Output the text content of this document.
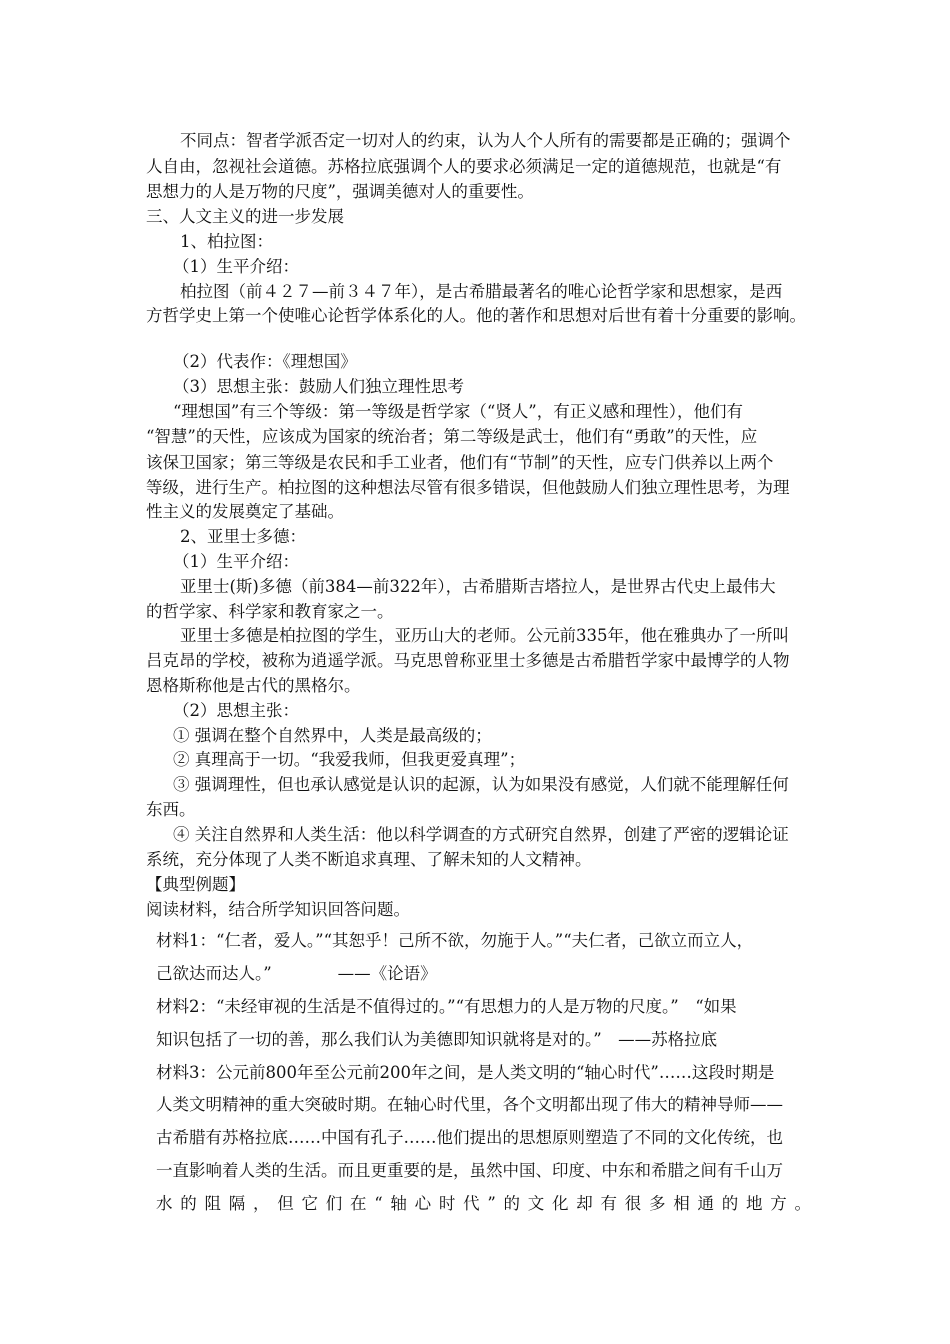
不同点：智者学派否定一切对人的约束，认为人个人所有的需要都是正确的；强调个
人自由，忽视社会道德。苏格拉底强调个人的要求必须满足一定的道德规范，也就是“有
思想力的人是万物的尺度”，强调美德对人的重要性。
三、人文主义的进一步发展
1、柏拉图：
（1）生平介绍：
柏拉图（前４２７—前３４７年），是古希腊最著名的唯心论哲学家和思想家，是西
方哲学史上第一个使唯心论哲学体系化的人。他的著作和思想对后世有着十分重要的影响。
（2）代表作：《理想国》
（3）思想主张：鼓励人们独立理性思考
“理想国”有三个等级：第一等级是哲学家（“贤人”，有正义感和理性），他们有
“智慧”的天性，应该成为国家的统治者；第二等级是武士，他们有“勇敢”的天性，应
该保卫国家；第三等级是农民和手工业者，他们有“节制”的天性，应专门供养以上两个
等级，进行生产。柏拉图的这种想法尽管有很多错误，但他鼓励人们独立理性思考，为理
性主义的发展奠定了基础。
2、亚里士多德：
（1）生平介绍：
亚里士(斯)多德（前384—前322年），古希腊斯吉塔拉人，是世界古代史上最伟大
的哲学家、科学家和教育家之一。
亚里士多德是柏拉图的学生，亚历山大的老师。公元前335年，他在雅典办了一所叫
吕克昂的学校，被称为逍遥学派。马克思曾称亚里士多德是古希腊哲学家中最博学的人物
恩格斯称他是古代的黑格尔。
（2）思想主张：
① 强调在整个自然界中，人类是最高级的；
② 真理高于一切。“我爱我师，但我更爱真理”；
③ 强调理性，但也承认感觉是认识的起源，认为如果没有感觉，人们就不能理解任何
东西。
④ 关注自然界和人类生活：他以科学调查的方式研究自然界，创建了严密的逻辑论证
系统，充分体现了人类不断追求真理、了解未知的人文精神。
【典型例题】
阅读材料，结合所学知识回答问题。
材料1：“仁者，爱人。”“其恕乎！己所不欲，勿施于人。”“夫仁者，己欲立而立人，
己欲达而达人。”　　　　——《论语》
材料2：“未经审视的生活是不值得过的。”“有思想力的人是万物的尺度。”　“如果
知识包括了一切的善，那么我们认为美德即知识就将是对的。”　——苏格拉底
材料3：公元前800年至公元前200年之间，是人类文明的“轴心时代”……这段时期是
人类文明精神的重大突破时期。在轴心时代里，各个文明都出现了伟大的精神导师——
古希腊有苏格拉底……中国有孔子……他们提出的思想原则塑造了不同的文化传统，也
一直影响着人类的生活。而且更重要的是，虽然中国、印度、中东和希腊之间有千山万
水的阻隔，但它们在“轴心时代”的文化却有很多相通的地方。
